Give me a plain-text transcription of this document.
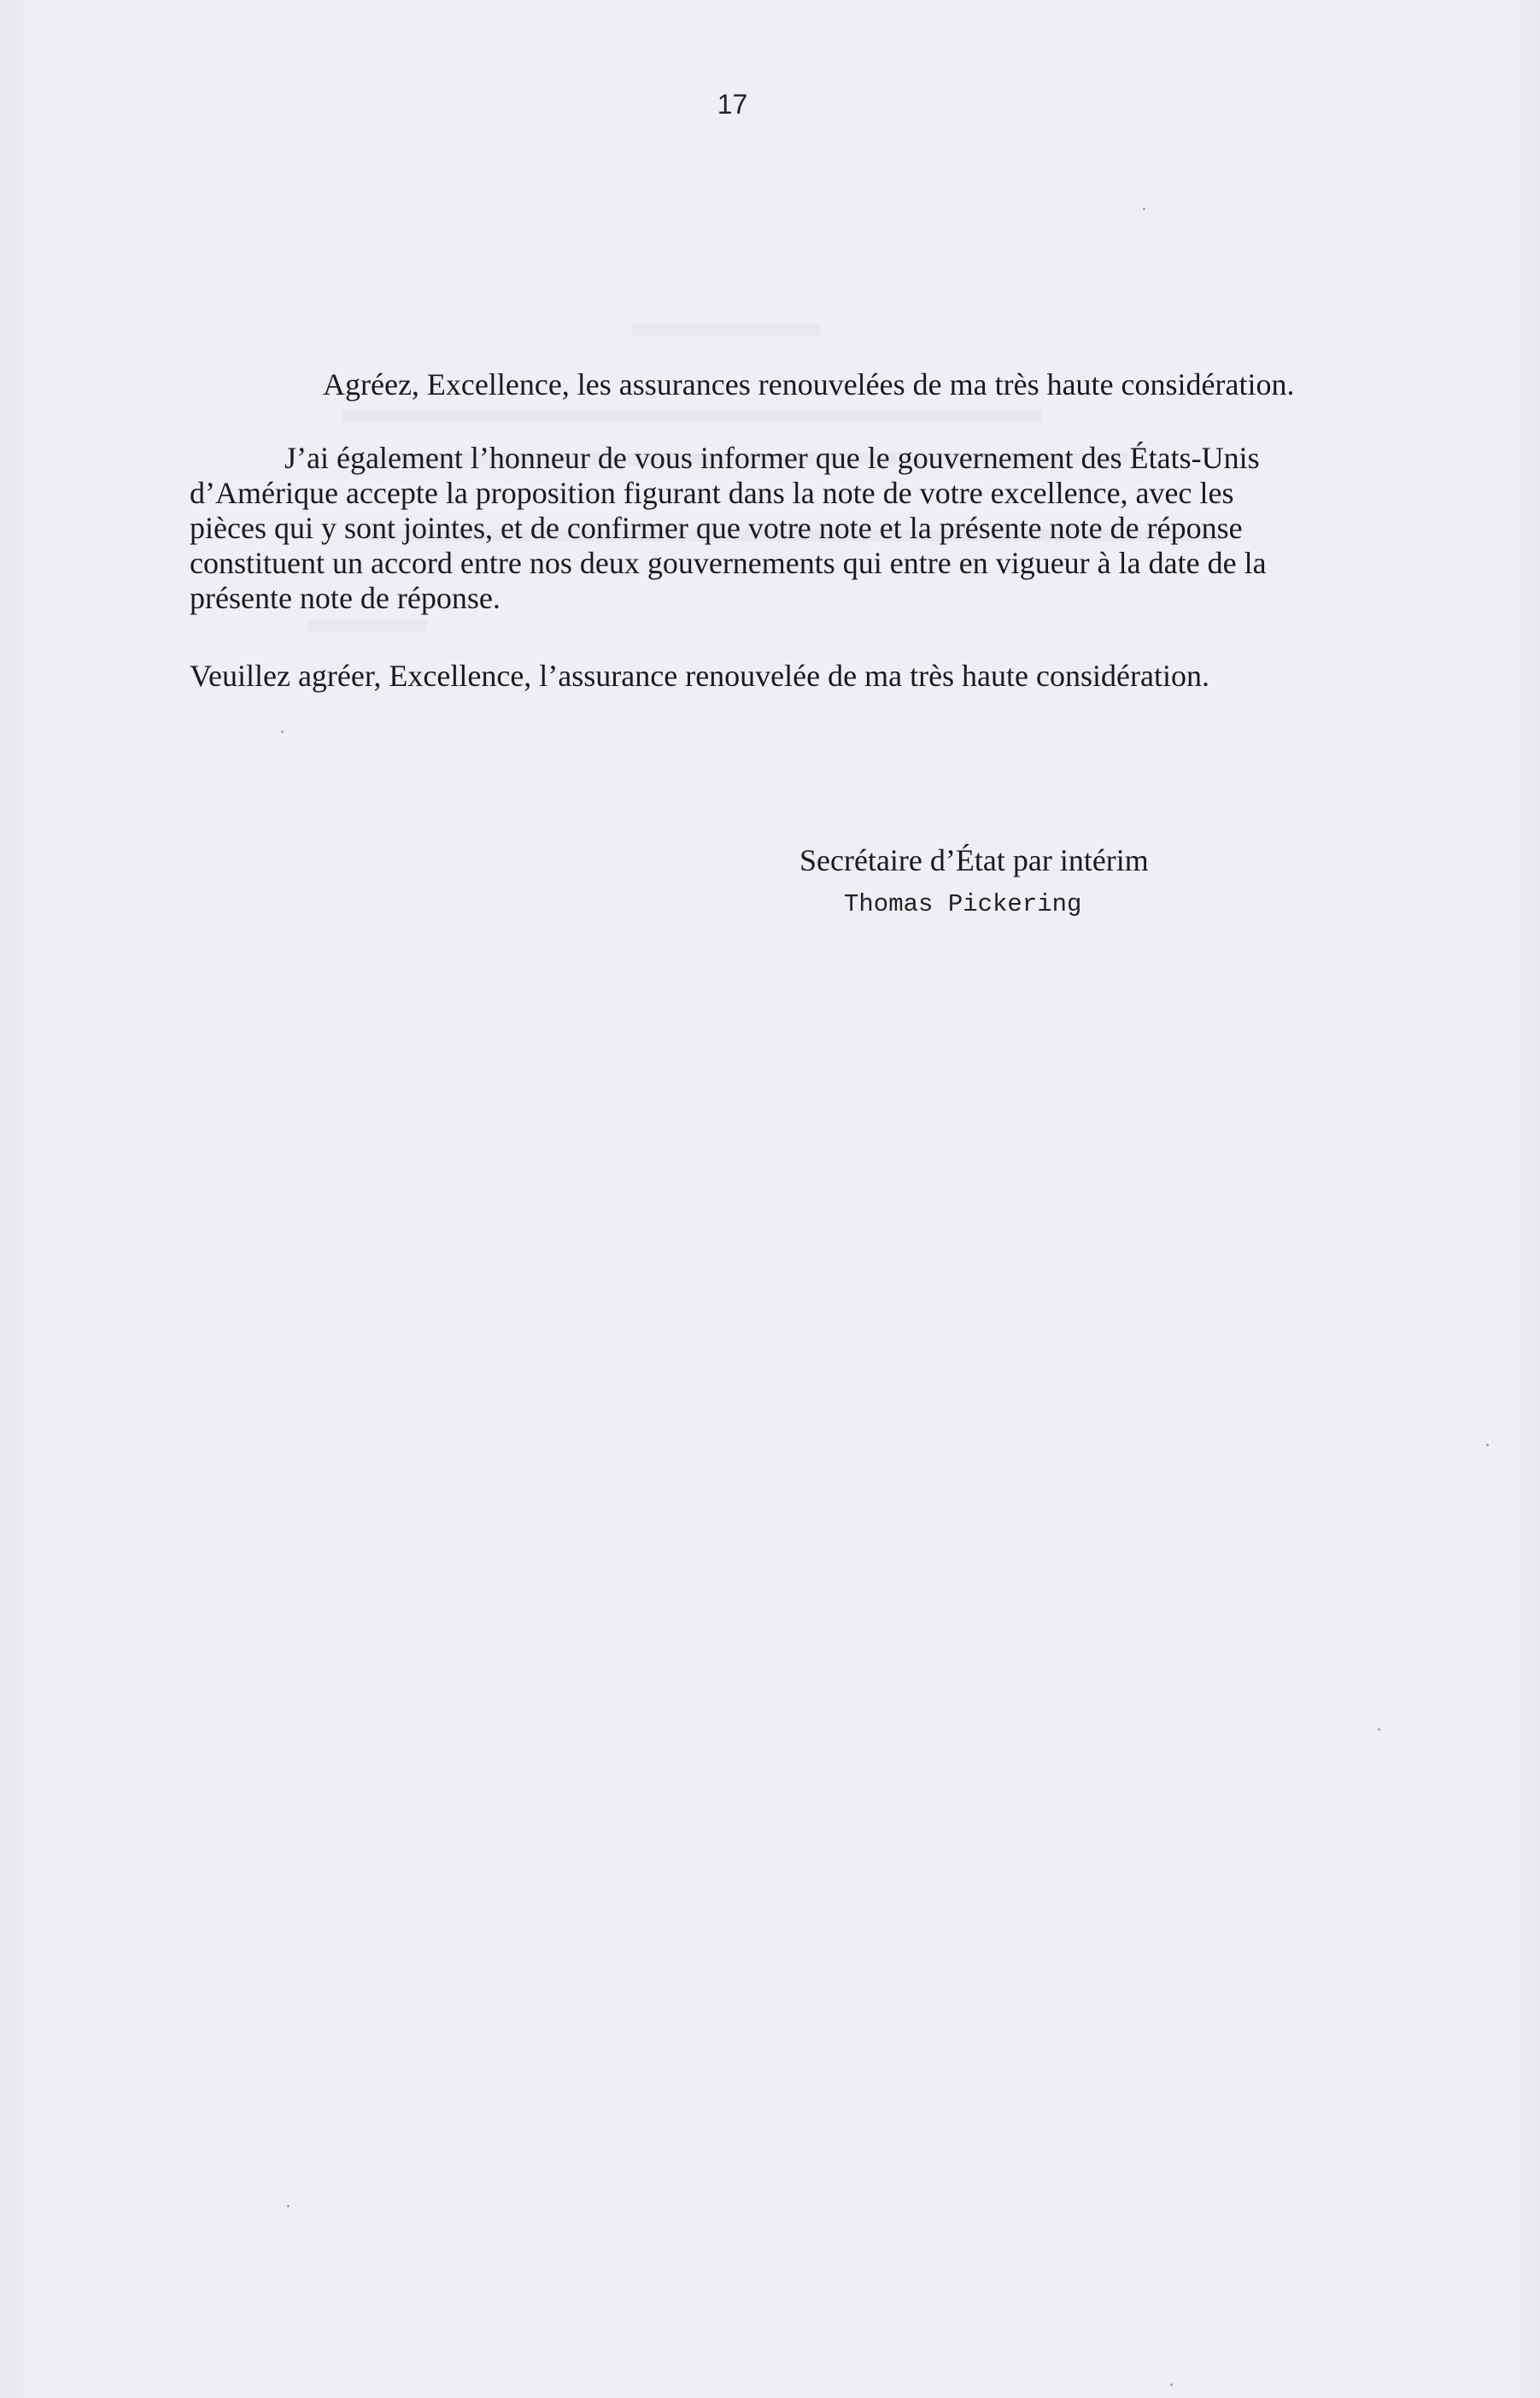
17

Agréez, Excellence, les assurances renouvelées de ma très haute considération.

J’ai également l’honneur de vous informer que le gouvernement des États-Unis
d’Amérique accepte la proposition figurant dans la note de votre excellence, avec les
pièces qui y sont jointes, et de confirmer que votre note et la présente note de réponse
constituent un accord entre nos deux gouvernements qui entre en vigueur à la date de la
présente note de réponse.

Veuillez agréer, Excellence, l’assurance renouvelée de ma très haute considération.

Secrétaire d’État par intérim
Thomas Pickering
